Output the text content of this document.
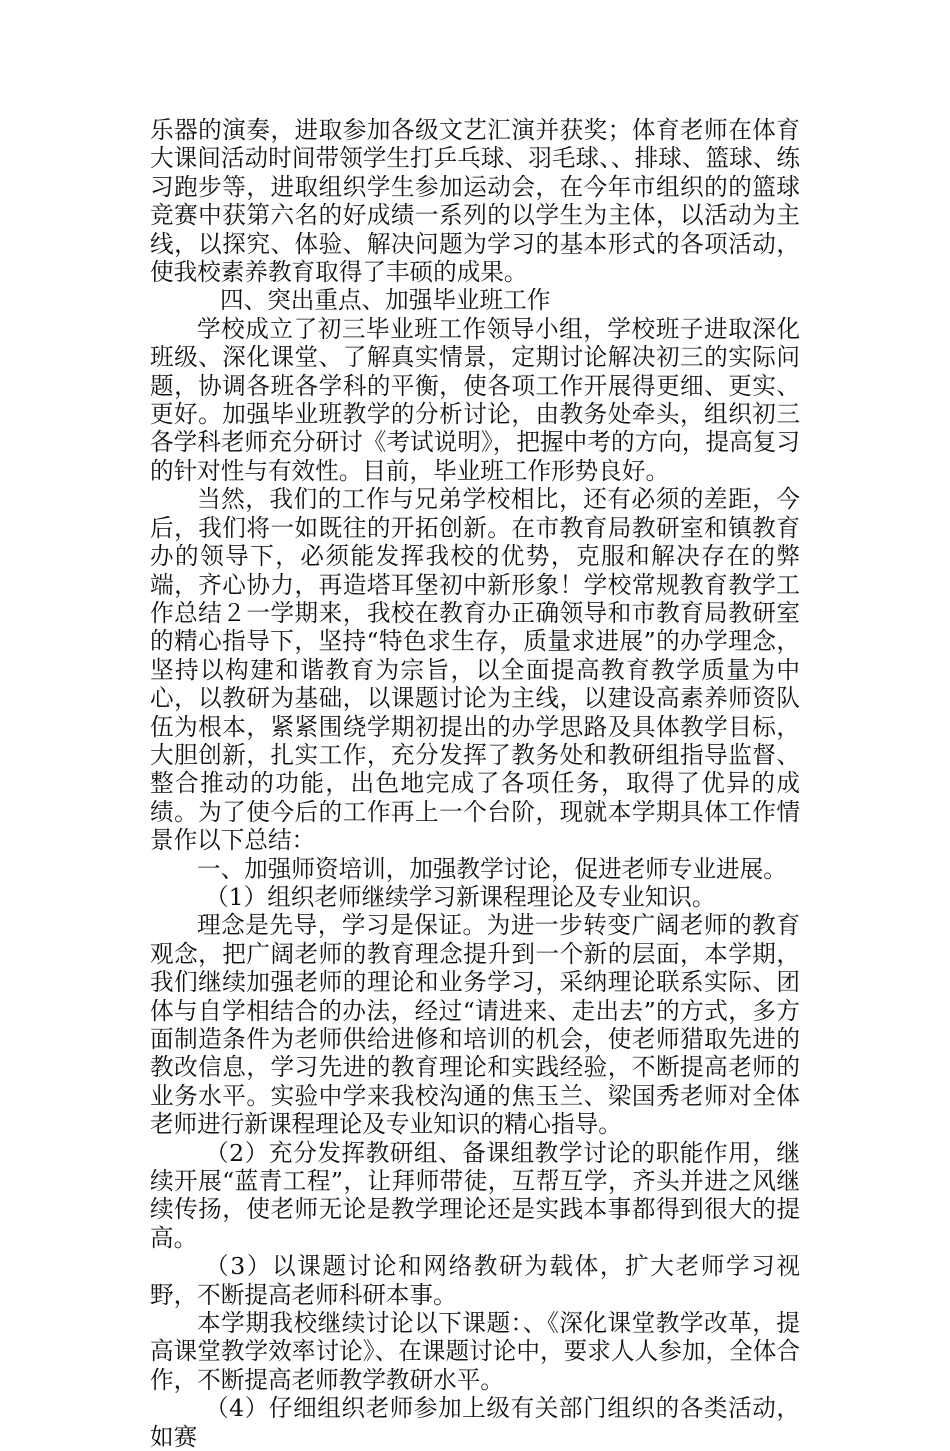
乐器的演奏，进取参加各级文艺汇演并获奖；体育老师在体育大课间活动时间带领学生打乒乓球、羽毛球、、排球、篮球、练习跑步等，进取组织学生参加运动会，在今年市组织的的篮球竞赛中获第六名的好成绩一系列的以学生为主体，以活动为主线，以探究、体验、解决问题为学习的基本形式的各项活动，使我校素养教育取得了丰硕的成果。

四、突出重点、加强毕业班工作

学校成立了初三毕业班工作领导小组，学校班子进取深化班级、深化课堂、了解真实情景，定期讨论解决初三的实际问题，协调各班各学科的平衡，使各项工作开展得更细、更实、更好。加强毕业班教学的分析讨论，由教务处牵头，组织初三各学科老师充分研讨《考试说明》，把握中考的方向，提高复习的针对性与有效性。目前，毕业班工作形势良好。

当然，我们的工作与兄弟学校相比，还有必须的差距，今后，我们将一如既往的开拓创新。在市教育局教研室和镇教育办的领导下，必须能发挥我校的优势，克服和解决存在的弊端，齐心协力，再造塔耳堡初中新形象！学校常规教育教学工作总结２一学期来，我校在教育办正确领导和市教育局教研室的精心指导下，坚持“特色求生存，质量求进展”的办学理念，坚持以构建和谐教育为宗旨，以全面提高教育教学质量为中心，以教研为基础，以课题讨论为主线，以建设高素养师资队伍为根本，紧紧围绕学期初提出的办学思路及具体教学目标，大胆创新，扎实工作，充分发挥了教务处和教研组指导监督、整合推动的功能，出色地完成了各项任务，取得了优异的成绩。为了使今后的工作再上一个台阶，现就本学期具体工作情景作以下总结：

一、加强师资培训，加强教学讨论，促进老师专业进展。

（1）组织老师继续学习新课程理论及专业知识。

理念是先导，学习是保证。为进一步转变广阔老师的教育观念，把广阔老师的教育理念提升到一个新的层面，本学期，我们继续加强老师的理论和业务学习，采纳理论联系实际、团体与自学相结合的办法，经过“请进来、走出去”的方式，多方面制造条件为老师供给进修和培训的机会，使老师猎取先进的教改信息，学习先进的教育理论和实践经验，不断提高老师的业务水平。实验中学来我校沟通的焦玉兰、梁国秀老师对全体老师进行新课程理论及专业知识的精心指导。

（2）充分发挥教研组、备课组教学讨论的职能作用，继续开展“蓝青工程”，让拜师带徒，互帮互学，齐头并进之风继续传扬，使老师无论是教学理论还是实践本事都得到很大的提高。

（3）以课题讨论和网络教研为载体，扩大老师学习视野，不断提高老师科研本事。

本学期我校继续讨论以下课题：、《深化课堂教学改革，提高课堂教学效率讨论》、在课题讨论中，要求人人参加，全体合作，不断提高老师教学教研水平。

（4）仔细组织老师参加上级有关部门组织的各类活动，如赛
